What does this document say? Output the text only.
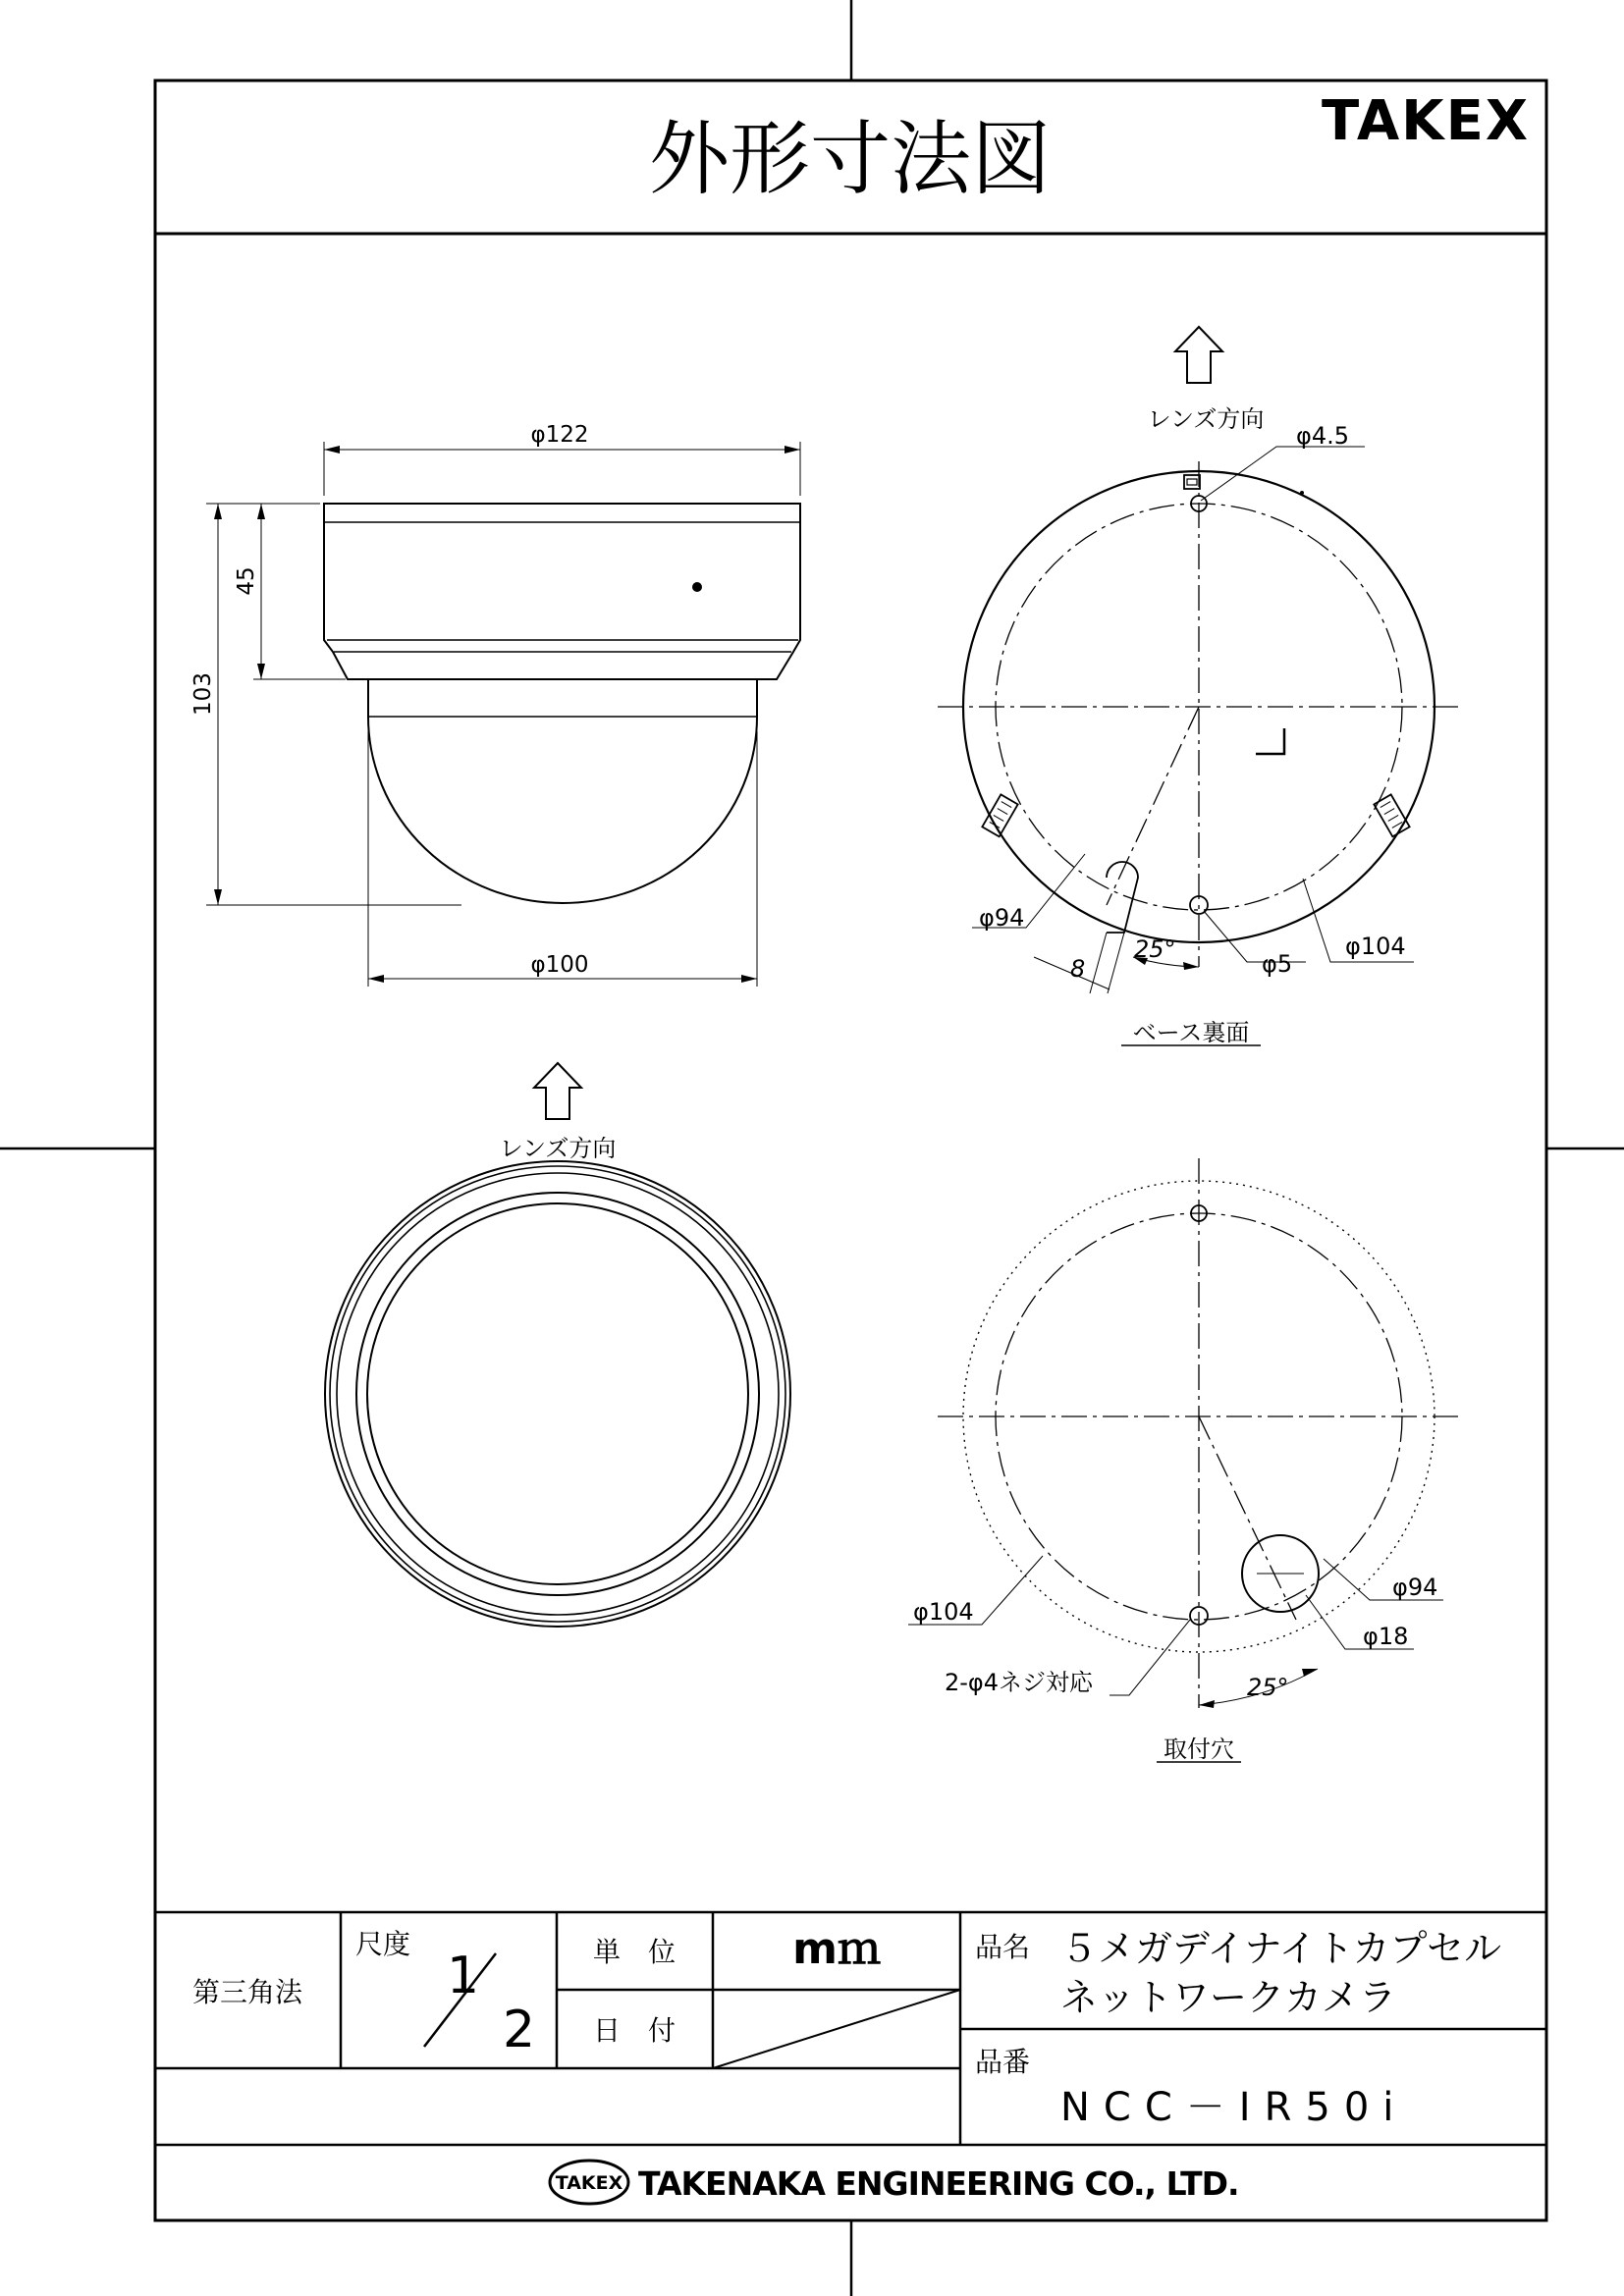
外形寸法図	TAKEX
φ122
φ100
103
45
レンズ方向
レンズ方向
φ4.5
φ94
φ104
φ5
8
25°
ベース裏面
φ104
φ94
φ18
2-φ4ネジ対応	25°
取付穴
第三角法
尺度
1
2
単　位	mｍ
日　付
品名 ５メガデイナイトカプセル
ネットワークカメラ
品番
NCC－IR50i
TAKEX TAKENAKA ENGINEERING CO., LTD.
